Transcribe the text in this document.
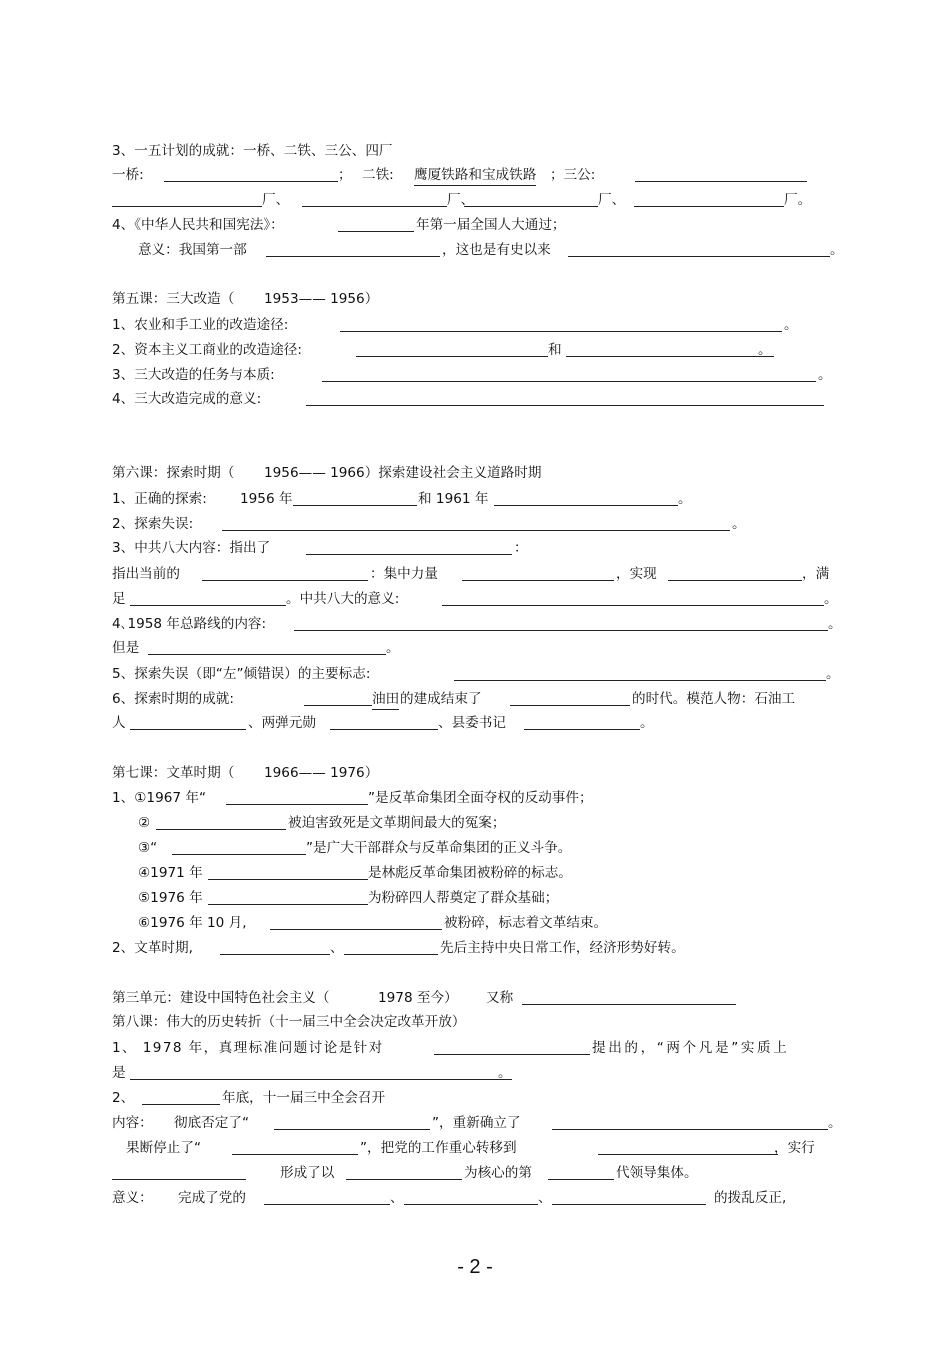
3、一五计划的成就：一桥、二铁、三公、四厂
一桥:	； 二铁: 鹰厦铁路和宝成铁路 ；三公:
厂、	厂、	厂、	厂。
4、《中华人民共和国宪法》：	年第一届全国人大通过；
意义：我国第一部	，这也是有史以来	。
第五课：三大改造（ 1953—— 1956）
1、农业和手工业的改造途径:	。
2、资本主义工商业的改造途径:	和	。
3、三大改造的任务与本质:	。
4、三大改造完成的意义:
第六课：探索时期（ 1956—— 1966）探索建设社会主义道路时期
1、正确的探索: 1956 年	和 1961 年	。
2、探索失误:	。
3、中共八大内容：指出了	：
指出当前的	：集中力量	，实现	，满
足	。中共八大的意义:	。
4､1958 年总路线的内容:	。
但是	。
5、探索失误（即“左”倾错误）的主要标志:	。
6、探索时期的成就:	油田 的建成结束了	的时代。模范人物：石油工
人	、两弹元勋	、县委书记	。
第七课：文革时期（ 1966—— 1976）
1、①1967 年“	”是反革命集团全面夺权的反动事件；
②	被迫害致死是文革期间最大的冤案；
③“	”是广大干部群众与反革命集团的正义斗争。
④1971 年	是林彪反革命集团被粉碎的标志。
⑤1976 年	为粉碎四人帮奠定了群众基础；
⑥1976 年 10 月,	被粉碎，标志着文革结束。
2、文革时期,	、	先后主持中央日常工作，经济形势好转。
第三单元：建设中国特色社会主义（	1978 至今） 又称
第八课：伟大的历史转折（十一届三中全会决定改革开放）
1、 1978 年，真理标准问题讨论是针对	提出的，“两个凡是”实质上
是	。
2、	年底，十一届三中全会召开
内容： 彻底否定了“	”，重新确立了	。
果断停止了“	”，把党的工作重心转移到	，实行
形成了以	为核心的第	代领导集体。
意义： 完成了党的	、	、	的拨乱反正,
- 2 -
